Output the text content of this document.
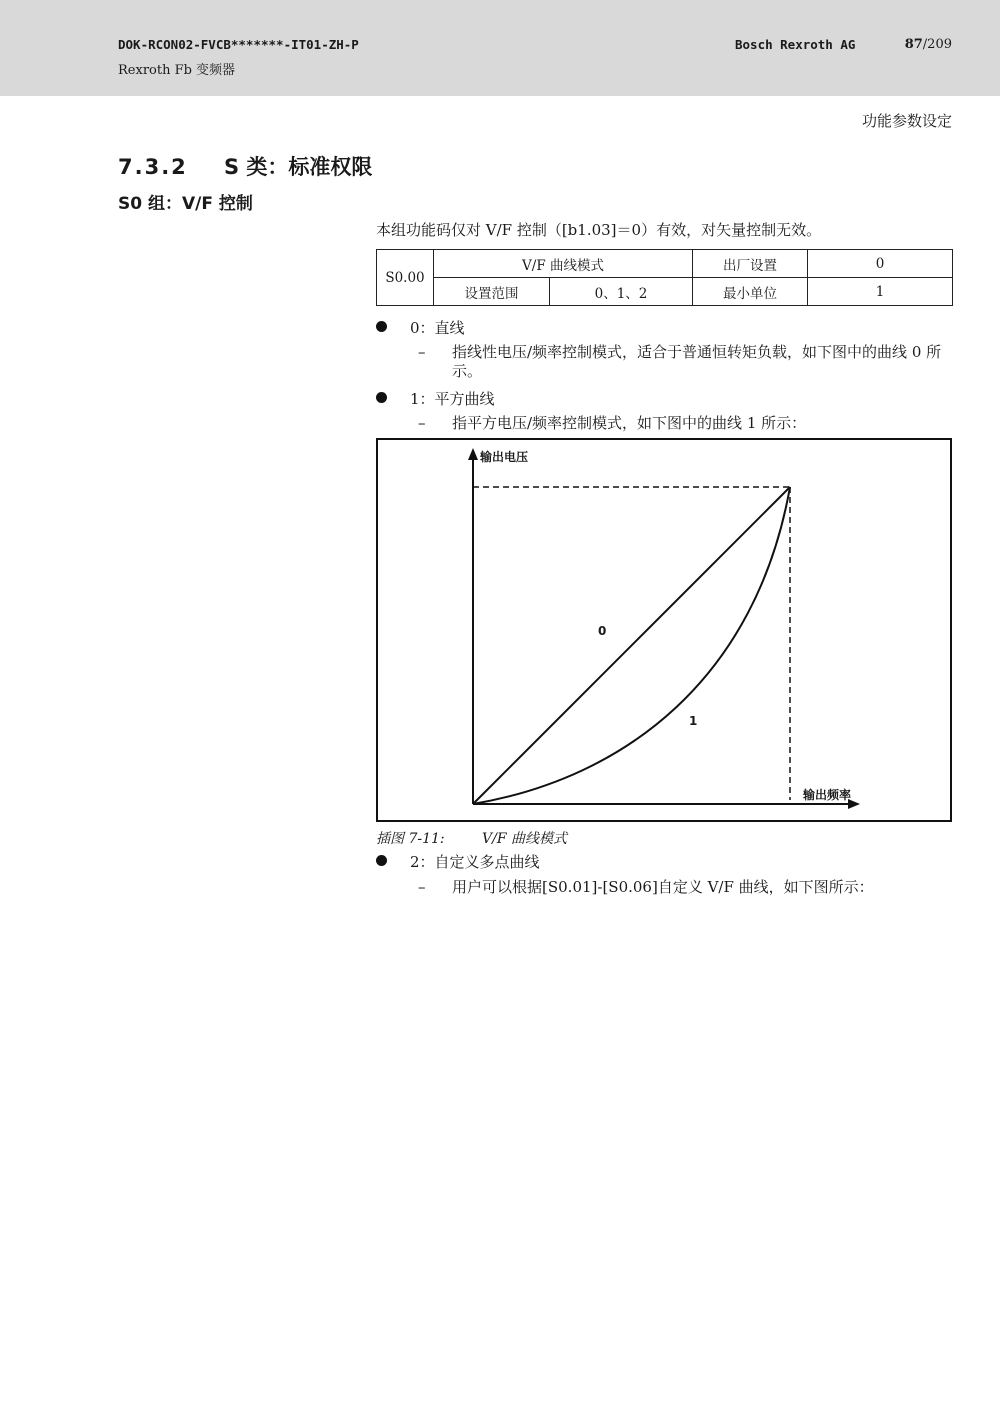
DOK-RCON02-FVCB*******-IT01-ZH-P
Rexroth Fb 变频器
Bosch Rexroth AG	87/209
功能参数设定
7.3.2 S 类：标准权限
S0 组：V/F 控制
本组功能码仅对 V/F 控制（[b1.03]＝0）有效，对矢量控制无效。
S0.00	V/F 曲线模式		出厂设置	0
	设置范围	0、1、2	最小单位	1
0：直线
– 指线性电压/频率控制模式，适合于普通恒转矩负载，如下图中的曲线 0 所示。
1：平方曲线
– 指平方电压/频率控制模式，如下图中的曲线 1 所示：
输出电压
输出频率
0
1
插图 7-11:	V/F 曲线模式
2：自定义多点曲线
– 用户可以根据[S0.01]-[S0.06]自定义 V/F 曲线，如下图所示：
